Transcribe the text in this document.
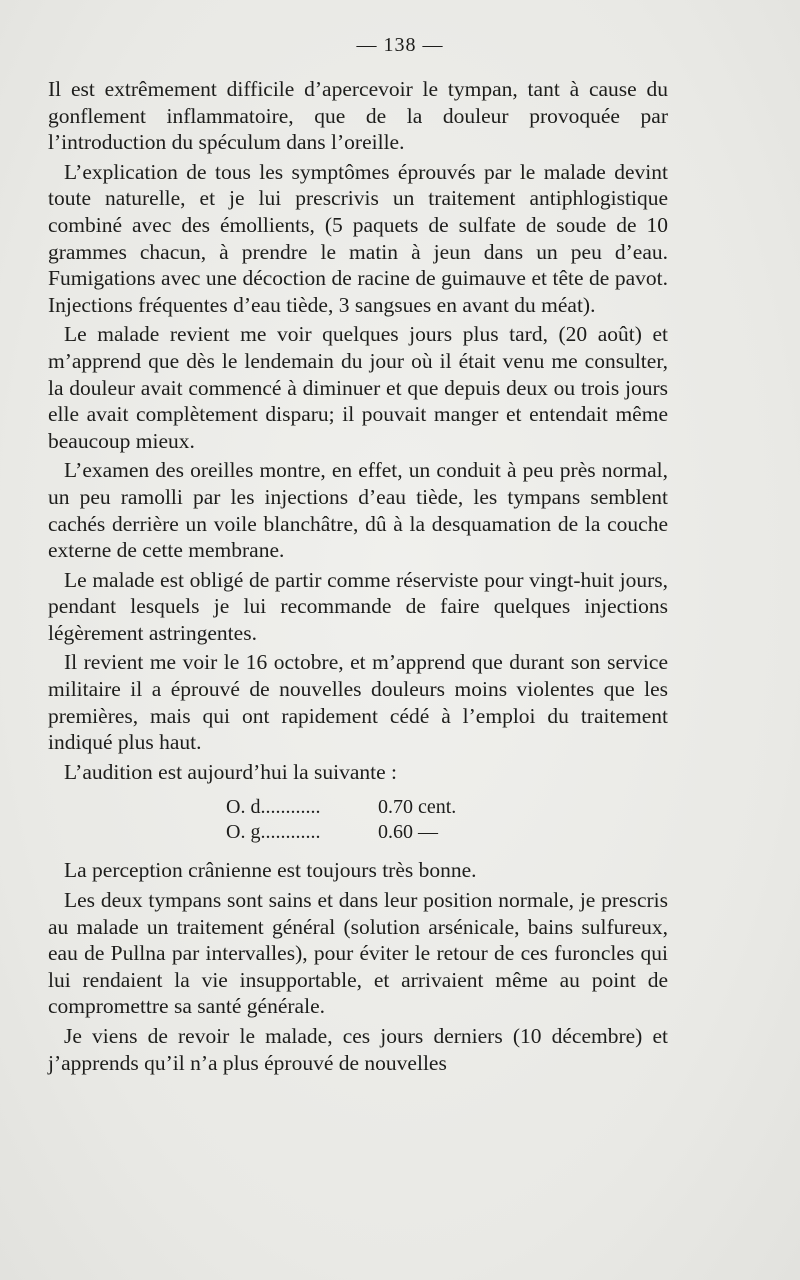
— 138 —

Il est extrêmement difficile d’apercevoir le tympan, tant à cause du gonflement inflammatoire, que de la douleur provoquée par l’introduction du spéculum dans l’oreille.

L’explication de tous les symptômes éprouvés par le malade devint toute naturelle, et je lui prescrivis un traitement antiphlogistique combiné avec des émollients, (5 paquets de sulfate de soude de 10 grammes chacun, à prendre le matin à jeun dans un peu d’eau. Fumigations avec une décoction de racine de guimauve et tête de pavot. Injections fréquentes d’eau tiède, 3 sangsues en avant du méat).

Le malade revient me voir quelques jours plus tard, (20 août) et m’apprend que dès le lendemain du jour où il était venu me consulter, la douleur avait commencé à diminuer et que depuis deux ou trois jours elle avait complètement disparu; il pouvait manger et entendait même beaucoup mieux.

L’examen des oreilles montre, en effet, un conduit à peu près normal, un peu ramolli par les injections d’eau tiède, les tympans semblent cachés derrière un voile blanchâtre, dû à la desquamation de la couche externe de cette membrane.

Le malade est obligé de partir comme réserviste pour vingt-huit jours, pendant lesquels je lui recommande de faire quelques injections légèrement astringentes.

Il revient me voir le 16 octobre, et m’apprend que durant son service militaire il a éprouvé de nouvelles douleurs moins violentes que les premières, mais qui ont rapidement cédé à l’emploi du traitement indiqué plus haut.

L’audition est aujourd’hui la suivante :

O. d............	0.70 cent.
O. g............	0.60 —

La perception crânienne est toujours très bonne.

Les deux tympans sont sains et dans leur position normale, je prescris au malade un traitement général (solution arsénicale, bains sulfureux, eau de Pullna par intervalles), pour éviter le retour de ces furoncles qui lui rendaient la vie insupportable, et arrivaient même au point de compromettre sa santé générale.

Je viens de revoir le malade, ces jours derniers (10 décembre) et j’apprends qu’il n’a plus éprouvé de nouvelles
